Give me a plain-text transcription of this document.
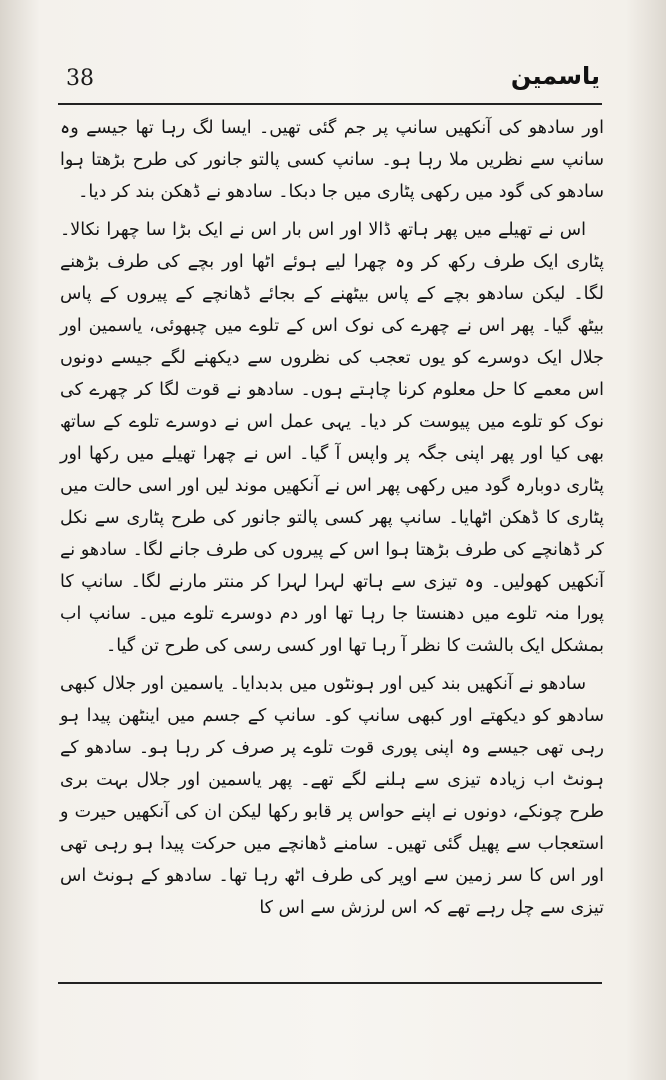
38	یاسمین

اور سادھو کی آنکھیں سانپ پر جم گئی تھیں۔ ایسا لگ رہا تھا جیسے وہ سانپ سے نظریں ملا رہا ہو۔ سانپ کسی پالتو جانور کی طرح بڑھتا ہوا سادھو کی گود میں رکھی پٹاری میں جا دبکا۔ سادھو نے ڈھکن بند کر دیا۔

اس نے تھیلے میں پھر ہاتھ ڈالا اور اس بار اس نے ایک بڑا سا چھرا نکالا۔ پٹاری ایک طرف رکھ کر وہ چھرا لیے ہوئے اٹھا اور بچے کی طرف بڑھنے لگا۔ لیکن سادھو بچے کے پاس بیٹھنے کے بجائے ڈھانچے کے پیروں کے پاس بیٹھ گیا۔ پھر اس نے چھرے کی نوک اس کے تلوے میں چبھوئی، یاسمین اور جلال ایک دوسرے کو یوں تعجب کی نظروں سے دیکھنے لگے جیسے دونوں اس معمے کا حل معلوم کرنا چاہتے ہوں۔ سادھو نے قوت لگا کر چھرے کی نوک کو تلوے میں پیوست کر دیا۔ یہی عمل اس نے دوسرے تلوے کے ساتھ بھی کیا اور پھر اپنی جگہ پر واپس آ گیا۔ اس نے چھرا تھیلے میں رکھا اور پٹاری دوبارہ گود میں رکھی پھر اس نے آنکھیں موند لیں اور اسی حالت میں پٹاری کا ڈھکن اٹھایا۔ سانپ پھر کسی پالتو جانور کی طرح پٹاری سے نکل کر ڈھانچے کی طرف بڑھتا ہوا اس کے پیروں کی طرف جانے لگا۔ سادھو نے آنکھیں کھولیں۔ وہ تیزی سے ہاتھ لہرا لہرا کر منتر مارنے لگا۔ سانپ کا پورا منہ تلوے میں دھنستا جا رہا تھا اور دم دوسرے تلوے میں۔ سانپ اب بمشکل ایک بالشت کا نظر آ رہا تھا اور کسی رسی کی طرح تن گیا۔

سادھو نے آنکھیں بند کیں اور ہونٹوں میں بدبدایا۔ یاسمین اور جلال کبھی سادھو کو دیکھتے اور کبھی سانپ کو۔ سانپ کے جسم میں اینٹھن پیدا ہو رہی تھی جیسے وہ اپنی پوری قوت تلوے پر صرف کر رہا ہو۔ سادھو کے ہونٹ اب زیادہ تیزی سے ہلنے لگے تھے۔ پھر یاسمین اور جلال بہت بری طرح چونکے، دونوں نے اپنے حواس پر قابو رکھا لیکن ان کی آنکھیں حیرت و استعجاب سے پھیل گئی تھیں۔ سامنے ڈھانچے میں حرکت پیدا ہو رہی تھی اور اس کا سر زمین سے اوپر کی طرف اٹھ رہا تھا۔ سادھو کے ہونٹ اس تیزی سے چل رہے تھے کہ اس لرزش سے اس کا
